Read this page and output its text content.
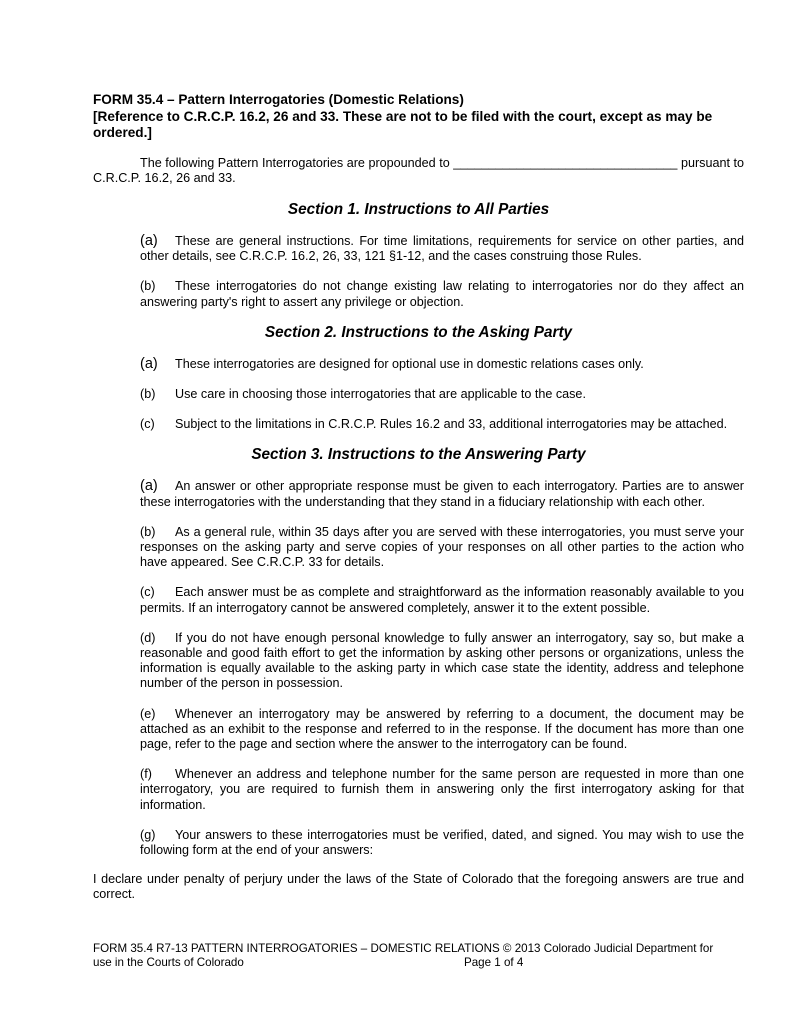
FORM 35.4 – Pattern Interrogatories (Domestic Relations)

[Reference to C.R.C.P. 16.2, 26 and 33. These are not to be filed with the court, except as may be ordered.]

The following Pattern Interrogatories are propounded to ________________________________ pursuant to C.R.C.P. 16.2, 26 and 33.
Section 1. Instructions to All Parties
(a) These are general instructions. For time limitations, requirements for service on other parties, and other details, see C.R.C.P. 16.2, 26, 33, 121 §1-12, and the cases construing those Rules.
(b) These interrogatories do not change existing law relating to interrogatories nor do they affect an answering party's right to assert any privilege or objection.
Section 2. Instructions to the Asking Party
(a) These interrogatories are designed for optional use in domestic relations cases only.
(b) Use care in choosing those interrogatories that are applicable to the case.
(c) Subject to the limitations in C.R.C.P. Rules 16.2 and 33, additional interrogatories may be attached.
Section 3. Instructions to the Answering Party
(a) An answer or other appropriate response must be given to each interrogatory. Parties are to answer these interrogatories with the understanding that they stand in a fiduciary relationship with each other.
(b) As a general rule, within 35 days after you are served with these interrogatories, you must serve your responses on the asking party and serve copies of your responses on all other parties to the action who have appeared. See C.R.C.P. 33 for details.
(c) Each answer must be as complete and straightforward as the information reasonably available to you permits. If an interrogatory cannot be answered completely, answer it to the extent possible.
(d) If you do not have enough personal knowledge to fully answer an interrogatory, say so, but make a reasonable and good faith effort to get the information by asking other persons or organizations, unless the information is equally available to the asking party in which case state the identity, address and telephone number of the person in possession.
(e) Whenever an interrogatory may be answered by referring to a document, the document may be attached as an exhibit to the response and referred to in the response. If the document has more than one page, refer to the page and section where the answer to the interrogatory can be found.
(f) Whenever an address and telephone number for the same person are requested in more than one interrogatory, you are required to furnish them in answering only the first interrogatory asking for that information.
(g) Your answers to these interrogatories must be verified, dated, and signed. You may wish to use the following form at the end of your answers:
I declare under penalty of perjury under the laws of the State of Colorado that the foregoing answers are true and correct.
FORM 35.4 R7-13 PATTERN INTERROGATORIES – DOMESTIC RELATIONS © 2013 Colorado Judicial Department for
use in the Courts of Colorado	Page 1 of 4
